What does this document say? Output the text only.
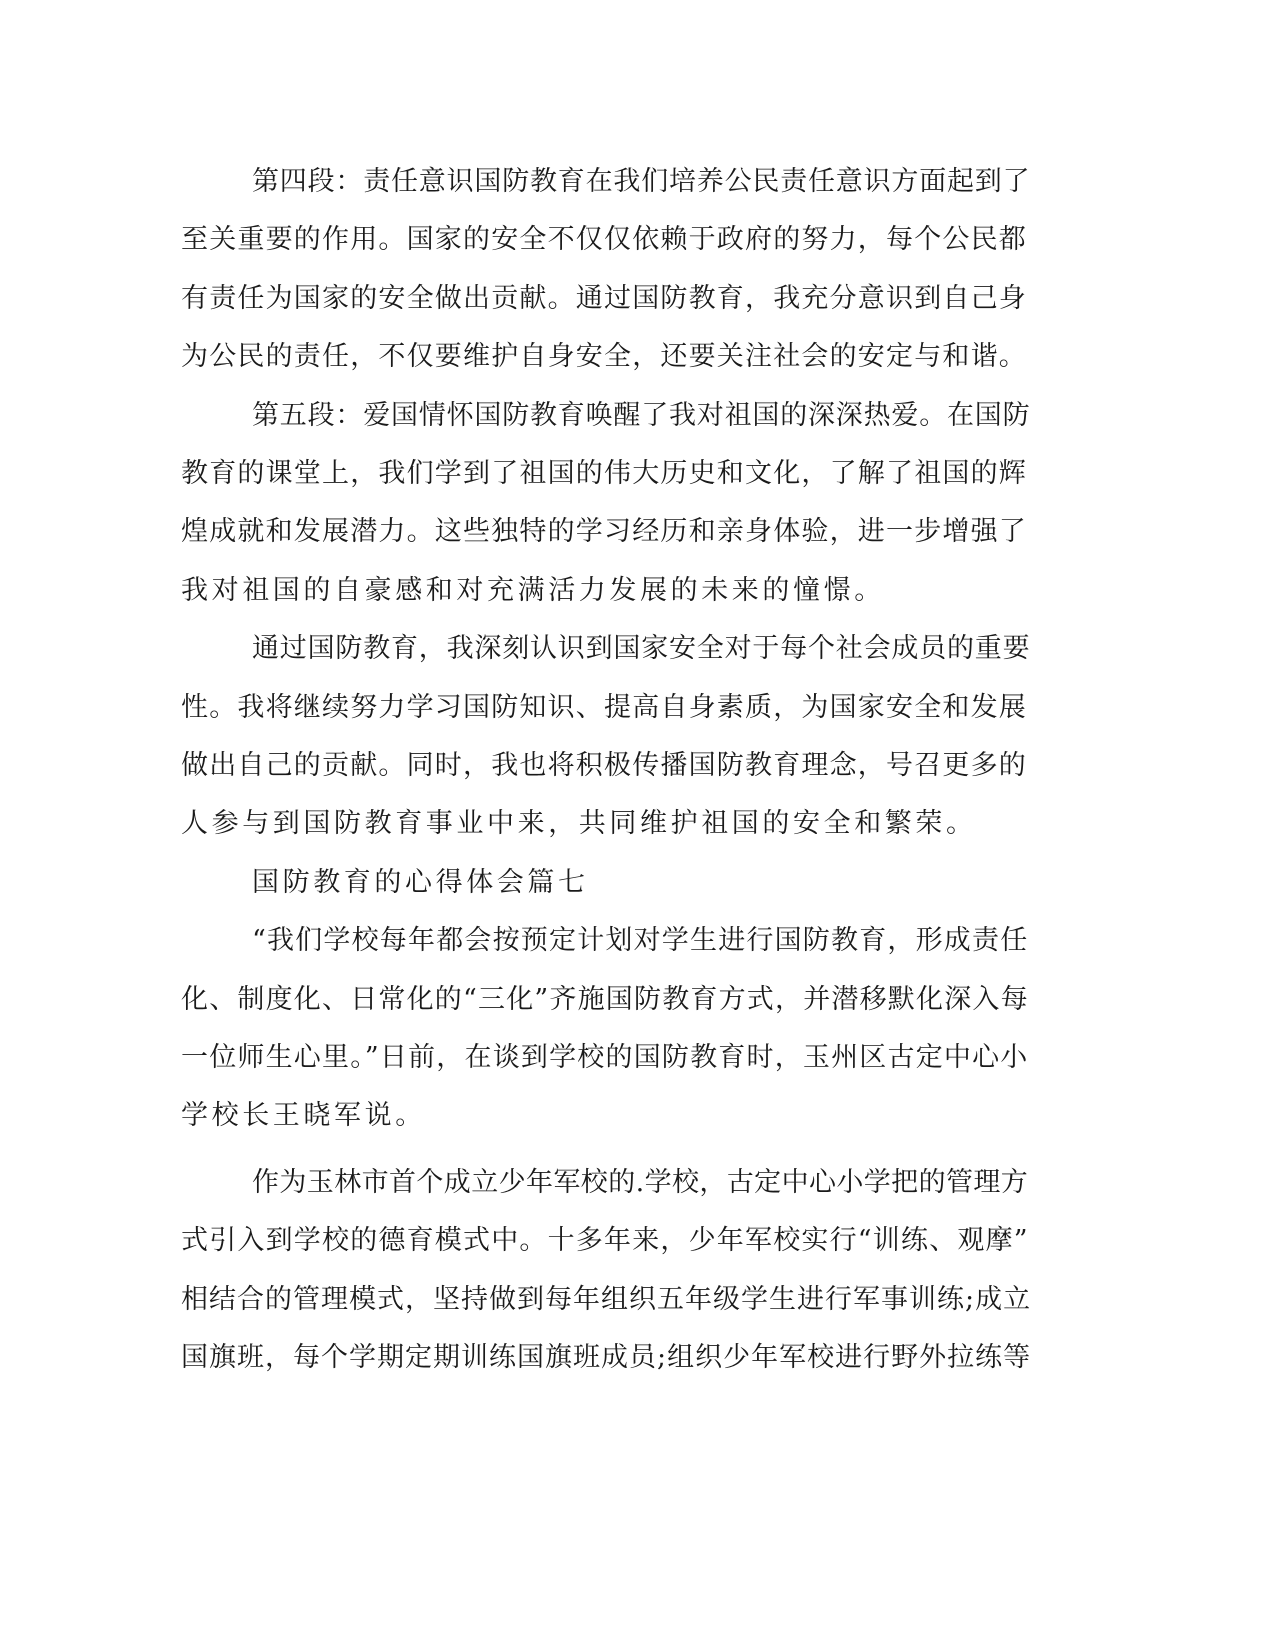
第四段：责任意识国防教育在我们培养公民责任意识方面起到了
至关重要的作用。国家的安全不仅仅依赖于政府的努力，每个公民都
有责任为国家的安全做出贡献。通过国防教育，我充分意识到自己身
为公民的责任，不仅要维护自身安全，还要关注社会的安定与和谐。
第五段：爱国情怀国防教育唤醒了我对祖国的深深热爱。在国防
教育的课堂上，我们学到了祖国的伟大历史和文化，了解了祖国的辉
煌成就和发展潜力。这些独特的学习经历和亲身体验，进一步增强了
我对祖国的自豪感和对充满活力发展的未来的憧憬。
通过国防教育，我深刻认识到国家安全对于每个社会成员的重要
性。我将继续努力学习国防知识、提高自身素质，为国家安全和发展
做出自己的贡献。同时，我也将积极传播国防教育理念，号召更多的
人参与到国防教育事业中来，共同维护祖国的安全和繁荣。
国防教育的心得体会篇七
“我们学校每年都会按预定计划对学生进行国防教育，形成责任
化、制度化、日常化的“三化”齐施国防教育方式，并潜移默化深入每
一位师生心里。”日前，在谈到学校的国防教育时，玉州区古定中心小
学校长王晓军说。
作为玉林市首个成立少年军校的.学校，古定中心小学把的管理方
式引入到学校的德育模式中。十多年来，少年军校实行“训练、观摩”
相结合的管理模式，坚持做到每年组织五年级学生进行军事训练;成立
国旗班，每个学期定期训练国旗班成员;组织少年军校进行野外拉练等
